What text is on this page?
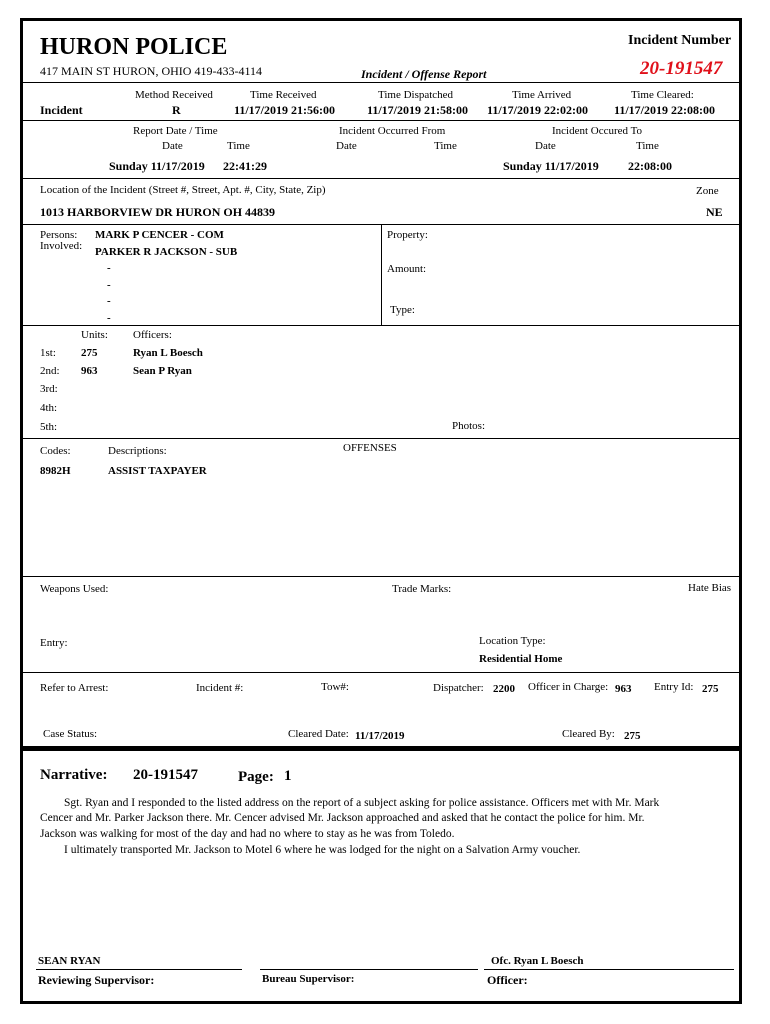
HURON POLICE
417 MAIN ST HURON, OHIO 419-433-4114	Incident / Offense Report
Incident Number
20-191547
Incident
Method Received
R
Time Received
11/17/2019 21:56:00
Time Dispatched
11/17/2019 21:58:00
Time Arrived
11/17/2019 22:02:00
Time Cleared:
11/17/2019 22:08:00
Report Date / Time
Date	Time
Incident Occurred From
Date	Time
Incident Occured To
Date	Time
Sunday 11/17/2019 22:41:29	Sunday 11/17/2019 22:08:00
Location of the Incident (Street #, Street, Apt. #, City, State, Zip)
1013 HARBORVIEW DR HURON OH 44839
Zone
NE
Persons:
Involved:
MARK P CENCER - COM
PARKER R JACKSON - SUB
-
-
-
-
Property:
Amount:
Type:
Units: Officers:
1st: 275	Ryan L Boesch
2nd: 963	Sean P Ryan
3rd:
4th:
5th:	Photos:
Codes:	Descriptions:	OFFENSES
8982H	ASSIST TAXPAYER
Weapons Used:	Trade Marks:	Hate Bias
Entry:	Location Type:
Residential Home
Refer to Arrest:	Incident #:	Tow#:	Dispatcher: 2200 Officer in Charge: 963 Entry Id: 275
Case Status:	Cleared Date: 11/17/2019	Cleared By: 275
Narrative: 20-191547	Page: 1
Sgt. Ryan and I responded to the listed address on the report of a subject asking for police assistance. Officers met with Mr. Mark
Cencer and Mr. Parker Jackson there. Mr. Cencer advised Mr. Jackson approached and asked that he contact the police for him. Mr.
Jackson was walking for most of the day and had no where to stay as he was from Toledo.
I ultimately transported Mr. Jackson to Motel 6 where he was lodged for the night on a Salvation Army voucher.
SEAN RYAN
Reviewing Supervisor:	Bureau Supervisor:
Ofc. Ryan L Boesch
Officer:
